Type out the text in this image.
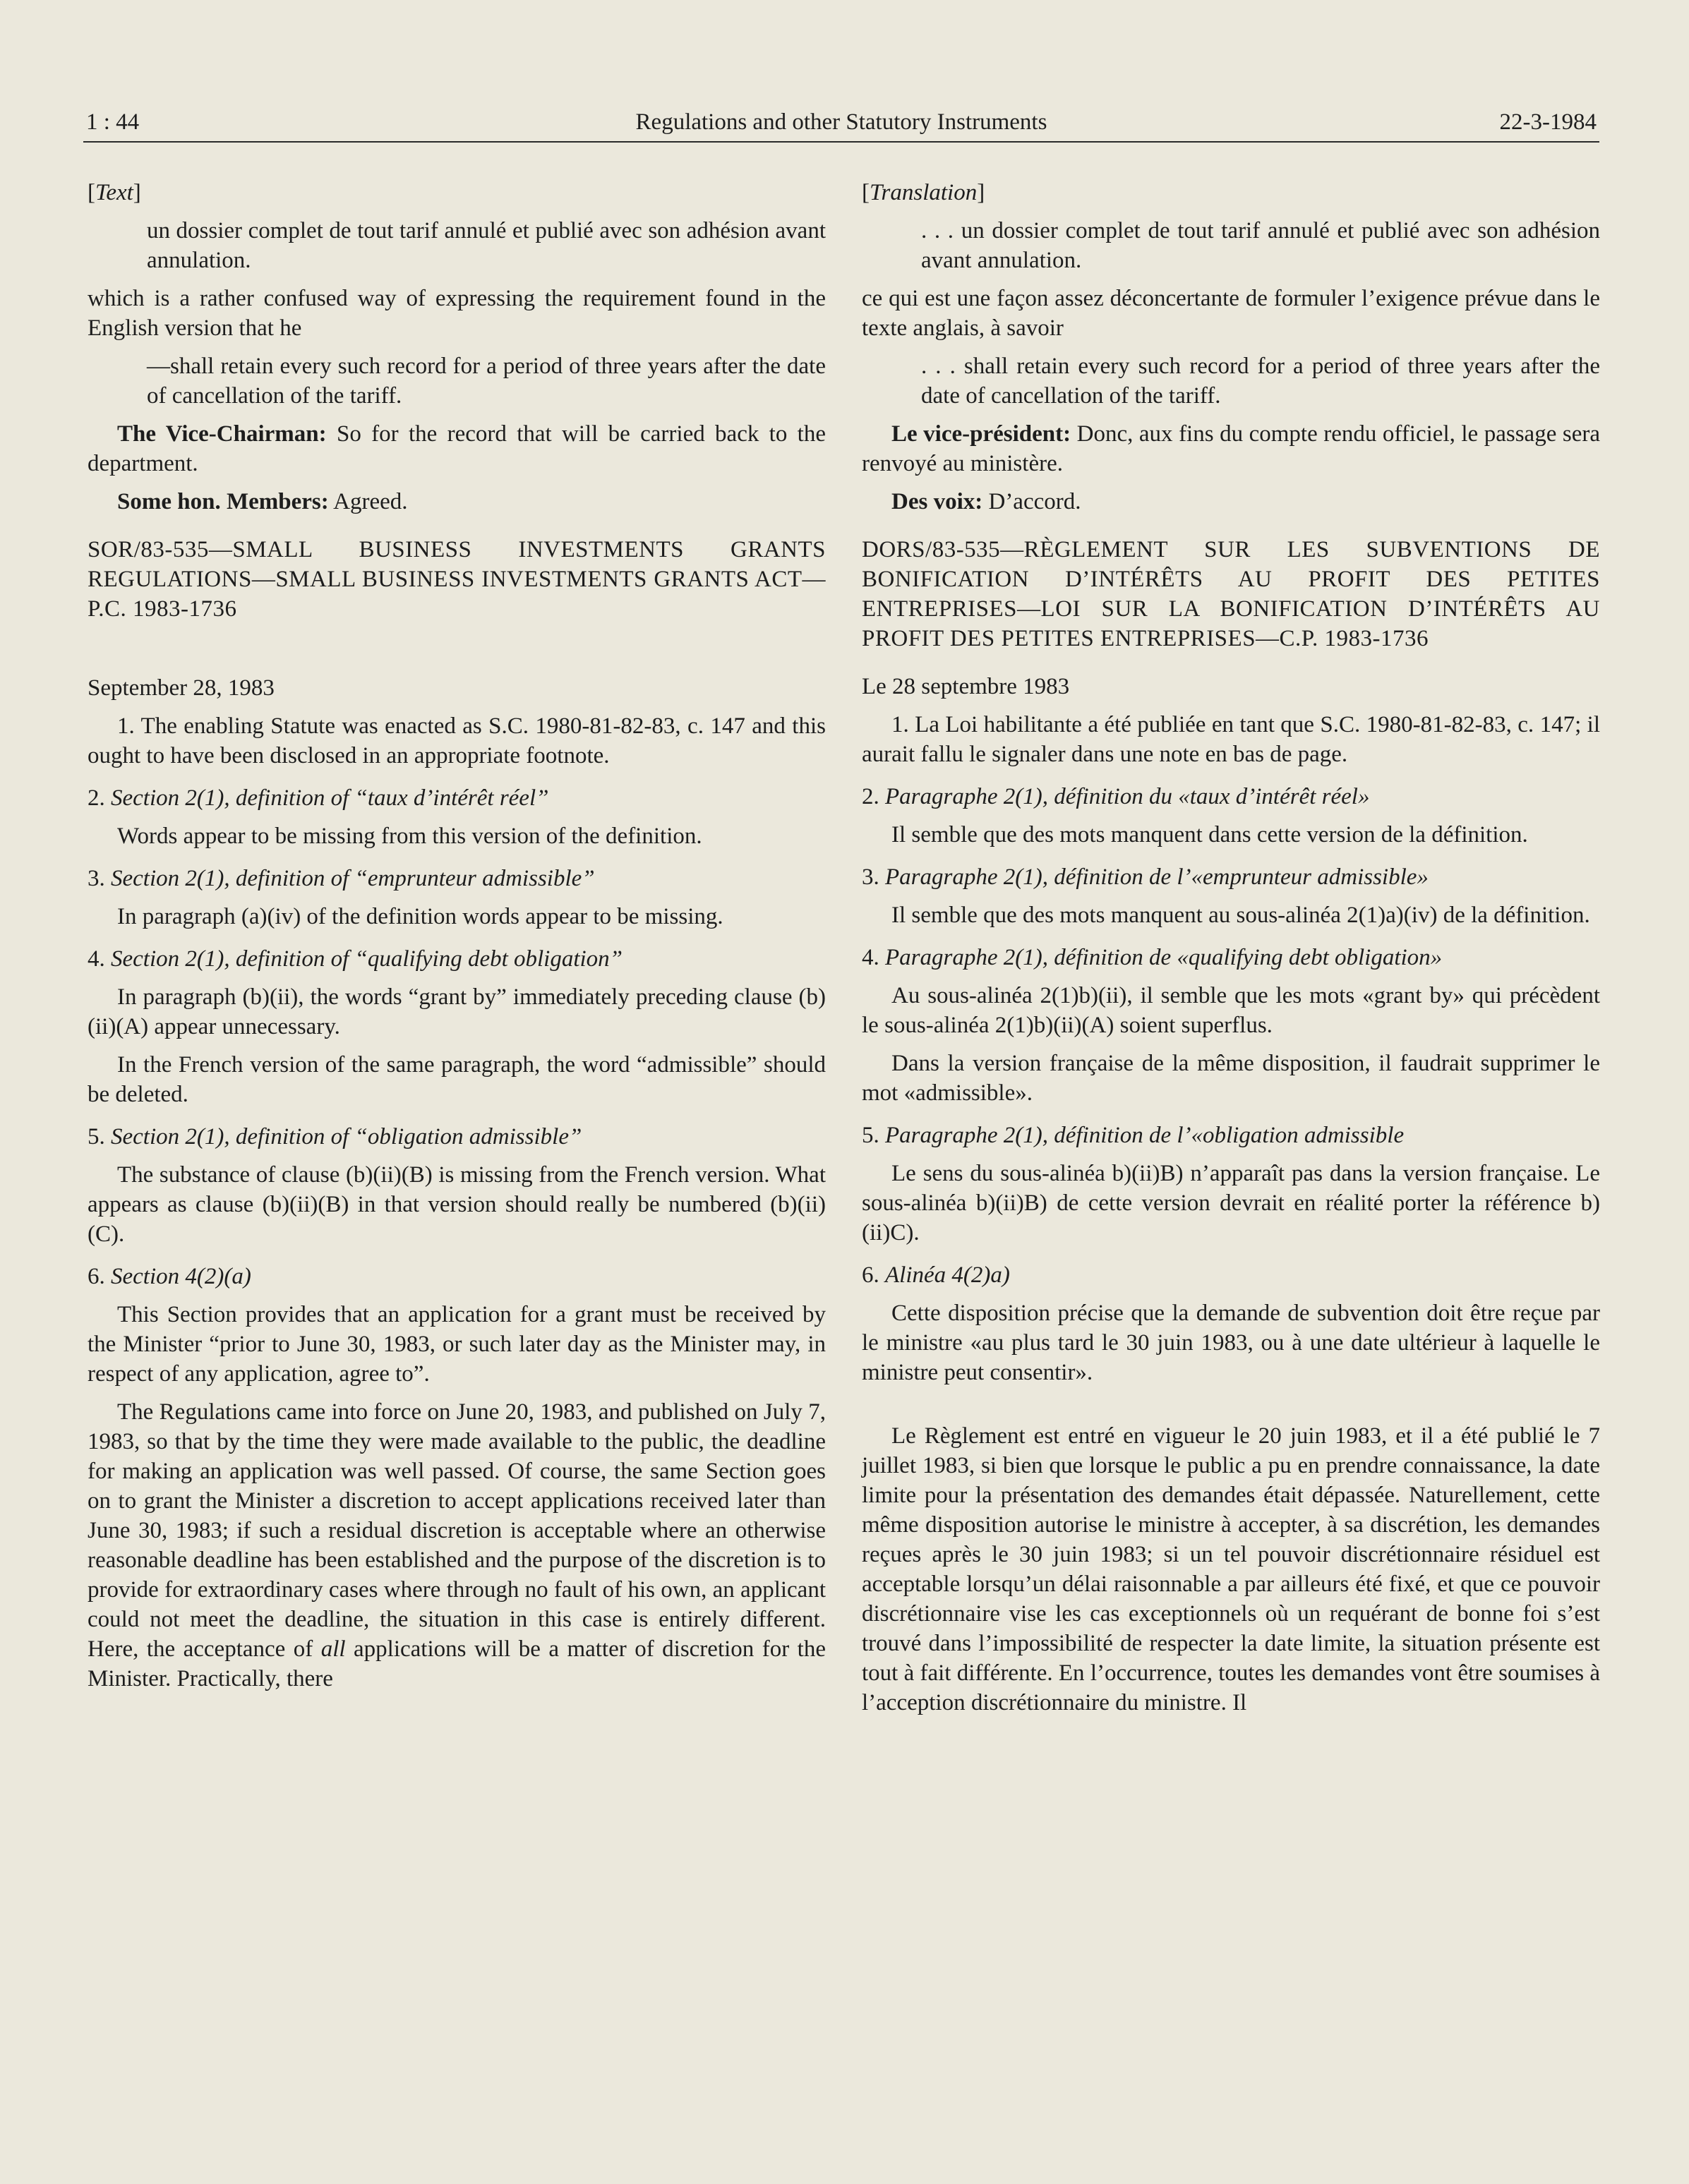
1 : 44	Regulations and other Statutory Instruments	22-3-1984

[Text]

un dossier complet de tout tarif annulé et publié avec son adhésion avant annulation.

which is a rather confused way of expressing the requirement found in the English version that he

—shall retain every such record for a period of three years after the date of cancellation of the tariff.

The Vice-Chairman: So for the record that will be carried back to the department.

Some hon. Members: Agreed.

SOR/83-535—SMALL BUSINESS INVESTMENTS GRANTS REGULATIONS—SMALL BUSINESS INVESTMENTS GRANTS ACT—P.C. 1983-1736

September 28, 1983

1. The enabling Statute was enacted as S.C. 1980-81-82-83, c. 147 and this ought to have been disclosed in an appropriate footnote.

2. Section 2(1), definition of “taux d’intérêt réel”

Words appear to be missing from this version of the definition.

3. Section 2(1), definition of “emprunteur admissible”

In paragraph (a)(iv) of the definition words appear to be missing.

4. Section 2(1), definition of “qualifying debt obligation”

In paragraph (b)(ii), the words “grant by” immediately preceding clause (b)(ii)(A) appear unnecessary.

In the French version of the same paragraph, the word “admissible” should be deleted.

5. Section 2(1), definition of “obligation admissible”

The substance of clause (b)(ii)(B) is missing from the French version. What appears as clause (b)(ii)(B) in that version should really be numbered (b)(ii)(C).

6. Section 4(2)(a)

This Section provides that an application for a grant must be received by the Minister “prior to June 30, 1983, or such later day as the Minister may, in respect of any application, agree to”.

The Regulations came into force on June 20, 1983, and published on July 7, 1983, so that by the time they were made available to the public, the deadline for making an application was well passed. Of course, the same Section goes on to grant the Minister a discretion to accept applications received later than June 30, 1983; if such a residual discretion is acceptable where an otherwise reasonable deadline has been established and the purpose of the discretion is to provide for extraordinary cases where through no fault of his own, an applicant could not meet the deadline, the situation in this case is entirely different. Here, the acceptance of all applications will be a matter of discretion for the Minister. Practically, there

[Translation]

. . . un dossier complet de tout tarif annulé et publié avec son adhésion avant annulation.

ce qui est une façon assez déconcertante de formuler l’exigence prévue dans le texte anglais, à savoir

. . . shall retain every such record for a period of three years after the date of cancellation of the tariff.

Le vice-président: Donc, aux fins du compte rendu officiel, le passage sera renvoyé au ministère.

Des voix: D’accord.

DORS/83-535—RÈGLEMENT SUR LES SUBVENTIONS DE BONIFICATION D’INTÉRÊTS AU PROFIT DES PETITES ENTREPRISES—LOI SUR LA BONIFICATION D’INTÉRÊTS AU PROFIT DES PETITES ENTREPRISES—C.P. 1983-1736

Le 28 septembre 1983

1. La Loi habilitante a été publiée en tant que S.C. 1980-81-82-83, c. 147; il aurait fallu le signaler dans une note en bas de page.

2. Paragraphe 2(1), définition du «taux d’intérêt réel»

Il semble que des mots manquent dans cette version de la définition.

3. Paragraphe 2(1), définition de l’«emprunteur admissible»

Il semble que des mots manquent au sous-alinéa 2(1)a)(iv) de la définition.

4. Paragraphe 2(1), définition de «qualifying debt obligation»

Au sous-alinéa 2(1)b)(ii), il semble que les mots «grant by» qui précèdent le sous-alinéa 2(1)b)(ii)(A) soient superflus.

Dans la version française de la même disposition, il faudrait supprimer le mot «admissible».

5. Paragraphe 2(1), définition de l’«obligation admissible

Le sens du sous-alinéa b)(ii)B) n’apparaît pas dans la version française. Le sous-alinéa b)(ii)B) de cette version devrait en réalité porter la référence b)(ii)C).

6. Alinéa 4(2)a)

Cette disposition précise que la demande de subvention doit être reçue par le ministre «au plus tard le 30 juin 1983, ou à une date ultérieur à laquelle le ministre peut consentir».

Le Règlement est entré en vigueur le 20 juin 1983, et il a été publié le 7 juillet 1983, si bien que lorsque le public a pu en prendre connaissance, la date limite pour la présentation des demandes était dépassée. Naturellement, cette même disposition autorise le ministre à accepter, à sa discrétion, les demandes reçues après le 30 juin 1983; si un tel pouvoir discrétionnaire résiduel est acceptable lorsqu’un délai raisonnable a par ailleurs été fixé, et que ce pouvoir discrétionnaire vise les cas exceptionnels où un requérant de bonne foi s’est trouvé dans l’impossibilité de respecter la date limite, la situation présente est tout à fait différente. En l’occurrence, toutes les demandes vont être soumises à l’acception discrétionnaire du ministre. Il
